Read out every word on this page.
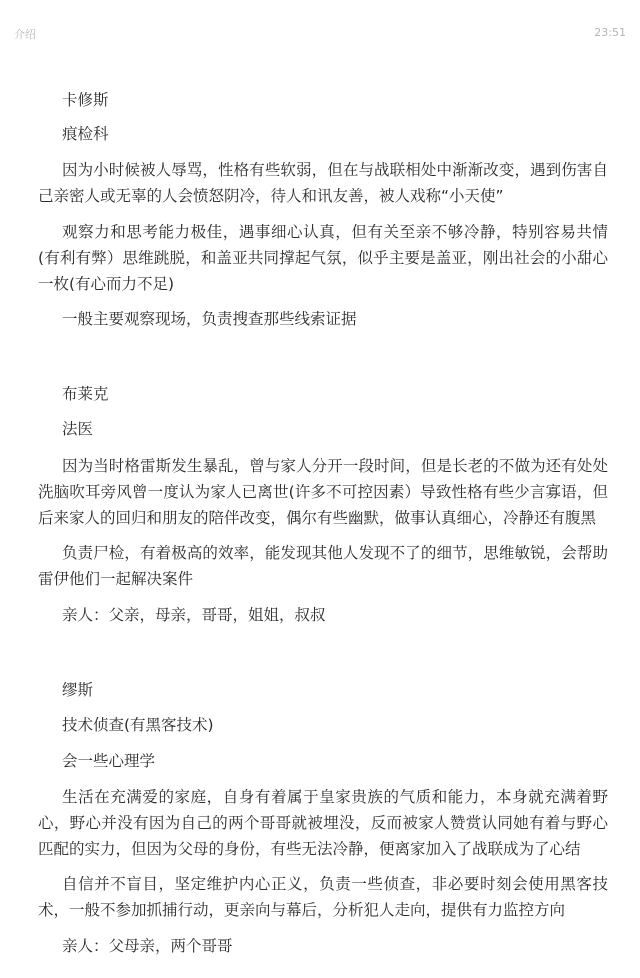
介绍	23:51

卡修斯

痕检科

因为小时候被人辱骂，性格有些软弱，但在与战联相处中渐渐改变，遇到伤害自己亲密人或无辜的人会愤怒阴冷，待人和讯友善，被人戏称“小天使”

观察力和思考能力极佳，遇事细心认真，但有关至亲不够冷静，特别容易共情(有利有弊）思维跳脱，和盖亚共同撑起气氛，似乎主要是盖亚，刚出社会的小甜心一枚(有心而力不足)

一般主要观察现场，负责搜查那些线索证据

布莱克

法医

因为当时格雷斯发生暴乱，曾与家人分开一段时间，但是长老的不做为还有处处洗脑吹耳旁风曾一度认为家人已离世(许多不可控因素）导致性格有些少言寡语，但后来家人的回归和朋友的陪伴改变，偶尔有些幽默，做事认真细心，冷静还有腹黑

负责尸检，有着极高的效率，能发现其他人发现不了的细节，思维敏锐，会帮助雷伊他们一起解决案件

亲人：父亲，母亲，哥哥，姐姐，叔叔

缪斯

技术侦查(有黑客技术)

会一些心理学

生活在充满爱的家庭，自身有着属于皇家贵族的气质和能力，本身就充满着野心，野心并没有因为自己的两个哥哥就被埋没，反而被家人赞赏认同她有着与野心匹配的实力，但因为父母的身份，有些无法冷静，便离家加入了战联成为了心结

自信并不盲目，坚定维护内心正义，负责一些侦查，非必要时刻会使用黑客技术，一般不参加抓捕行动，更亲向与幕后，分析犯人走向，提供有力监控方向

亲人：父母亲，两个哥哥
